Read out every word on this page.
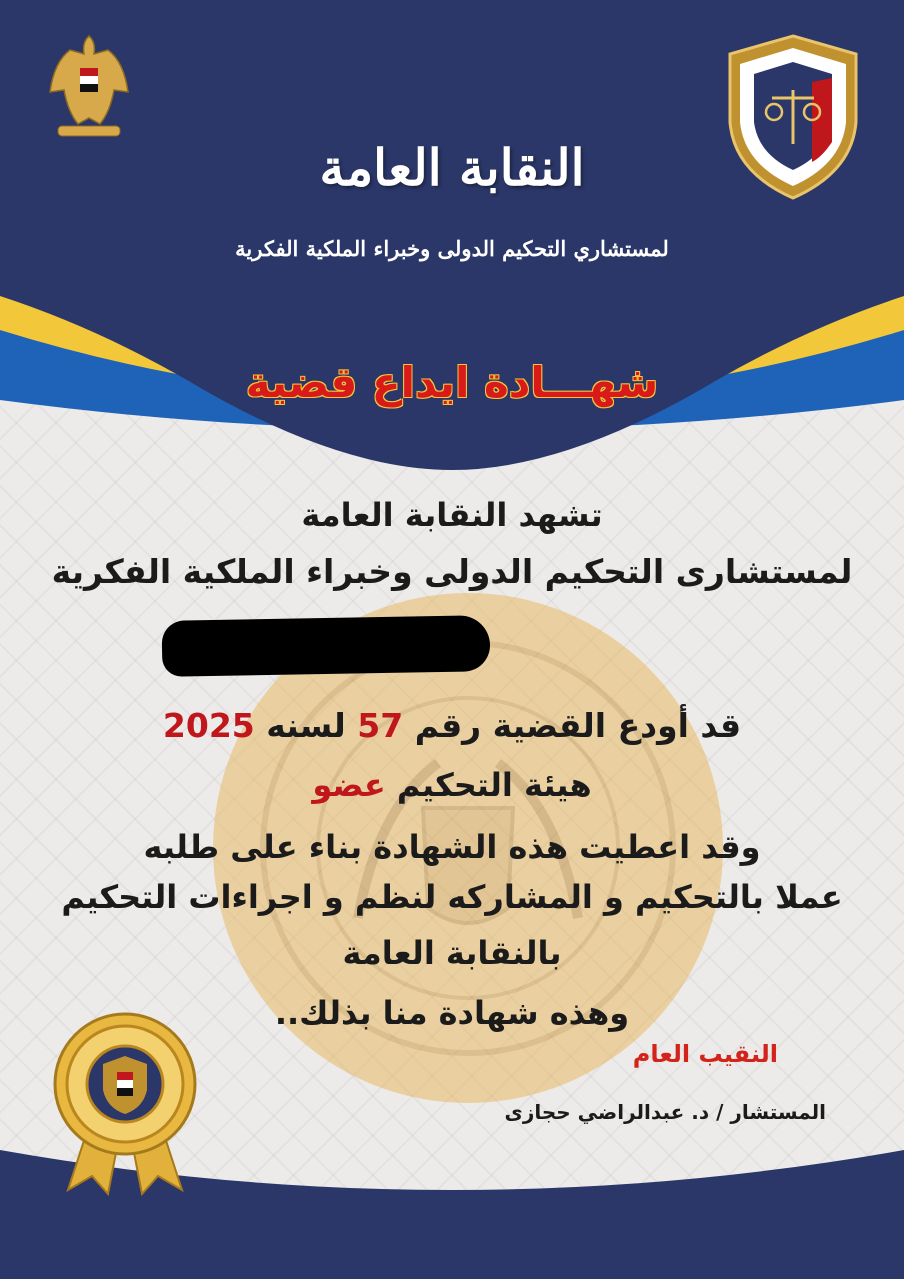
النقابة العامة
لمستشاري التحكيم الدولى وخبراء الملكية الفكرية
شهـــادة ايداع قضية
تشهد النقابة العامة
لمستشارى التحكيم الدولى وخبراء الملكية الفكرية
قد أودع القضية رقم 57 لسنه 2025
هيئة التحكيم عضو
وقد اعطيت هذه الشهادة بناء على طلبه
عملا بالتحكيم و المشاركه لنظم و اجراءات التحكيم
بالنقابة العامة
وهذه شهادة منا بذلك..
النقيب العام
المستشار / د. عبدالراضي حجازى
